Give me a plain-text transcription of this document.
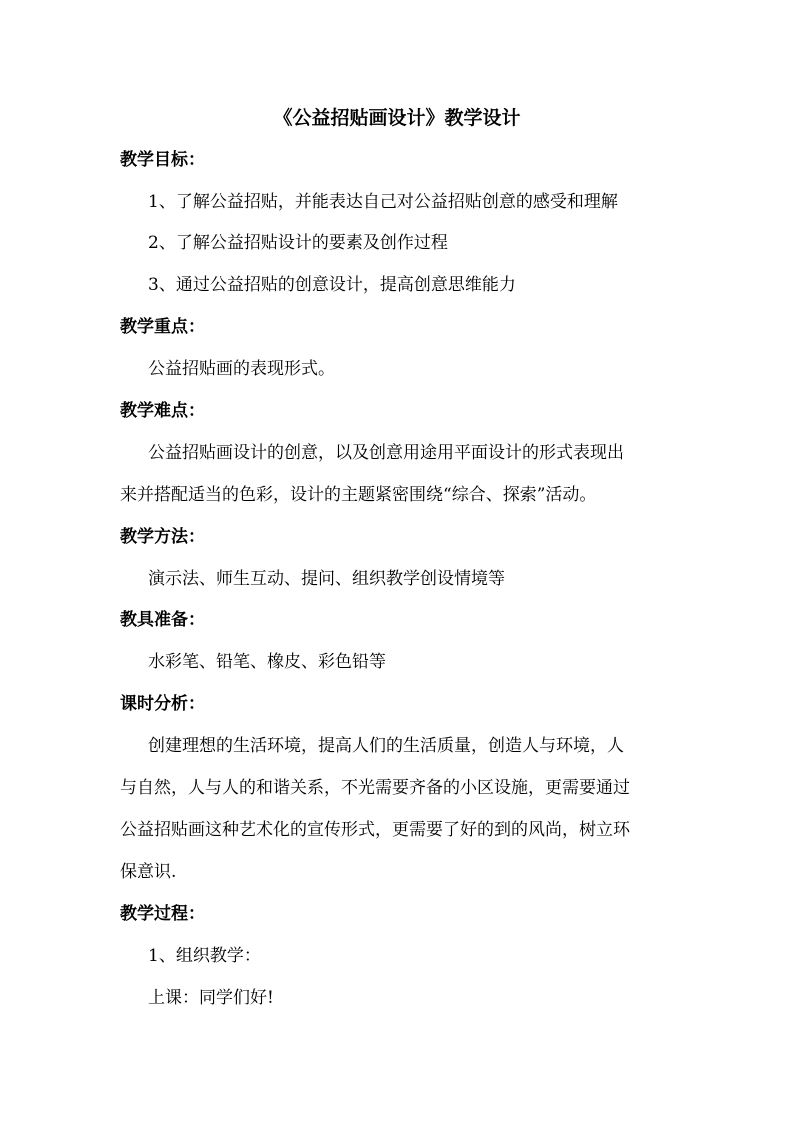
《公益招贴画设计》教学设计
教学目标：
1、了解公益招贴，并能表达自己对公益招贴创意的感受和理解
2、了解公益招贴设计的要素及创作过程
3、通过公益招贴的创意设计，提高创意思维能力
教学重点：
公益招贴画的表现形式。
教学难点：
公益招贴画设计的创意，以及创意用途用平面设计的形式表现出
来并搭配适当的色彩，设计的主题紧密围绕“综合、探索”活动。
教学方法：
演示法、师生互动、提问、组织教学创设情境等
教具准备：
水彩笔、铅笔、橡皮、彩色铅等
课时分析：
创建理想的生活环境，提高人们的生活质量，创造人与环境，人
与自然，人与人的和谐关系，不光需要齐备的小区设施，更需要通过
公益招贴画这种艺术化的宣传形式，更需要了好的到的风尚，树立环
保意识.
教学过程：
1、组织教学：
上课：同学们好!
